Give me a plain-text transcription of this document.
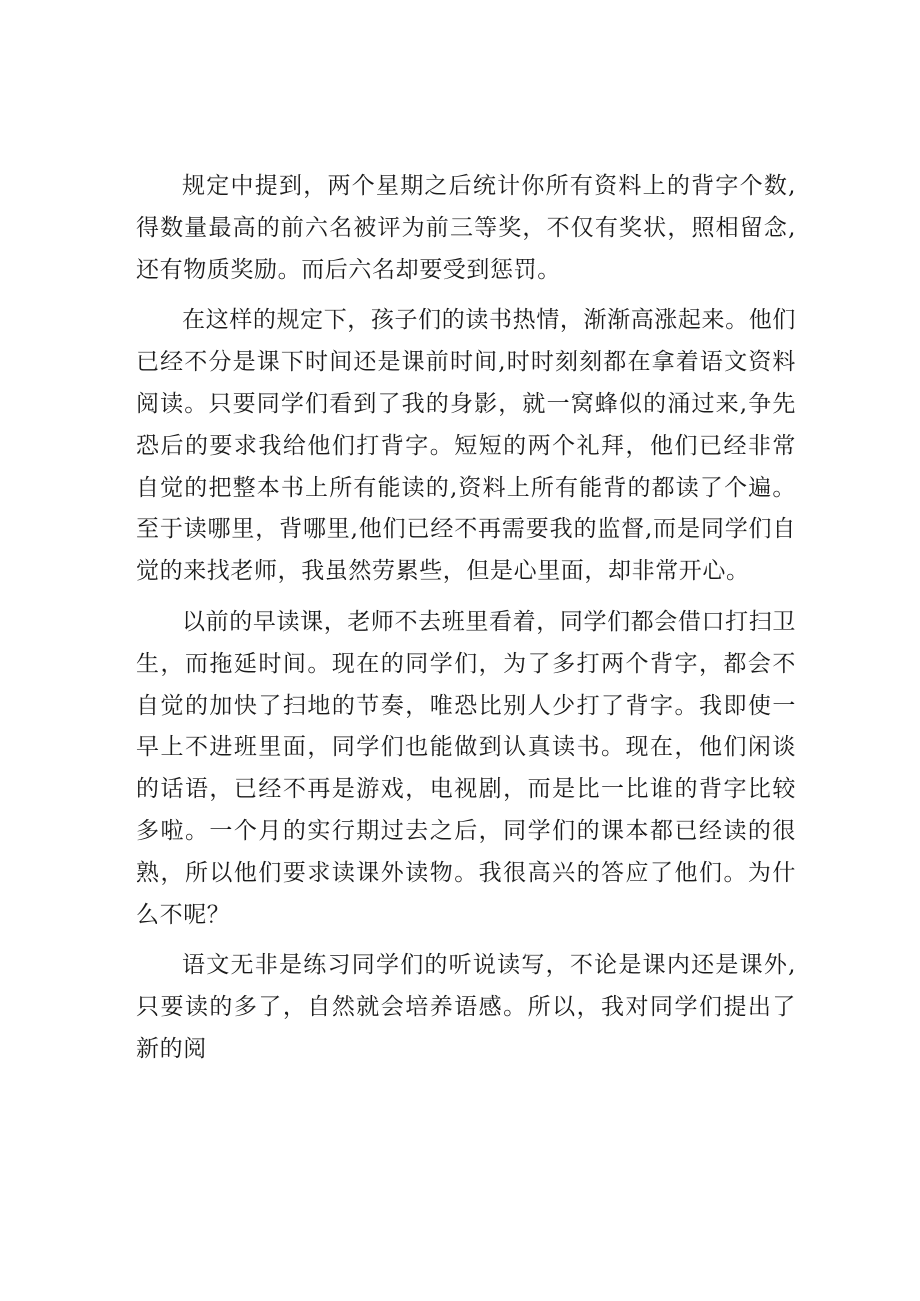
规定中提到，两个星期之后统计你所有资料上的背字个数,得数量最高的前六名被评为前三等奖，不仅有奖状，照相留念,还有物质奖励。而后六名却要受到惩罚。

在这样的规定下，孩子们的读书热情，渐渐高涨起来。他们已经不分是课下时间还是课前时间,时时刻刻都在拿着语文资料阅读。只要同学们看到了我的身影，就一窝蜂似的涌过来,争先恐后的要求我给他们打背字。短短的两个礼拜，他们已经非常自觉的把整本书上所有能读的,资料上所有能背的都读了个遍。至于读哪里，背哪里,他们已经不再需要我的监督,而是同学们自觉的来找老师，我虽然劳累些，但是心里面，却非常开心。

以前的早读课，老师不去班里看着，同学们都会借口打扫卫生，而拖延时间。现在的同学们，为了多打两个背字，都会不自觉的加快了扫地的节奏，唯恐比别人少打了背字。我即使一早上不进班里面，同学们也能做到认真读书。现在，他们闲谈的话语，已经不再是游戏，电视剧，而是比一比谁的背字比较多啦。一个月的实行期过去之后，同学们的课本都已经读的很熟，所以他们要求读课外读物。我很高兴的答应了他们。为什么不呢？

语文无非是练习同学们的听说读写，不论是课内还是课外,只要读的多了，自然就会培养语感。所以，我对同学们提出了新的阅
